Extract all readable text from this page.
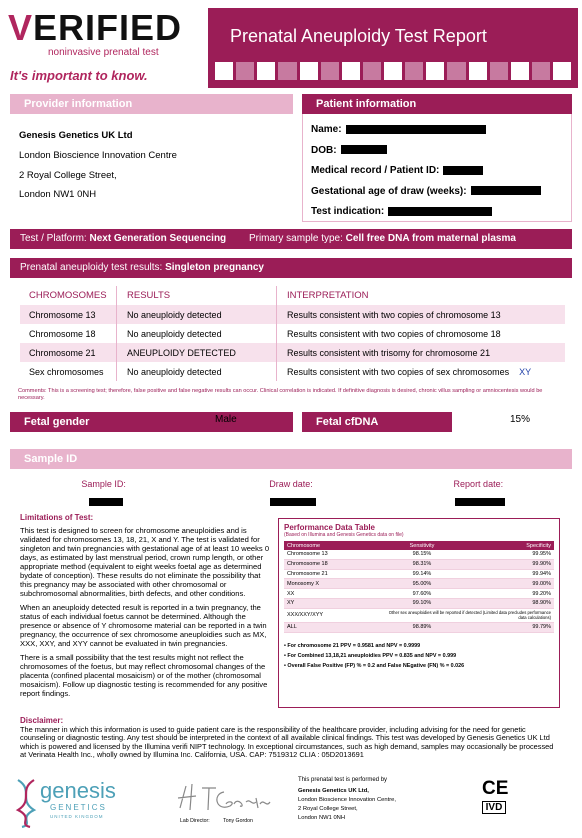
VERIFIED
noninvasive prenatal test
It's important to know.
Prenatal Aneuploidy Test Report
Provider information
Genesis Genetics UK Ltd
London Bioscience Innovation Centre
2 Royal College Street,
London NW1 0NH
Patient information
Name:
DOB:
Medical record / Patient ID:
Gestational age of draw (weeks):
Test indication:
Test / Platform: Next Generation Sequencing Primary sample type: Cell free DNA from maternal plasma
Prenatal aneuploidy test results: Singleton pregnancy
CHROMOSOMES	RESULTS	INTERPRETATION
Chromosome 13	No aneuploidy detected	Results consistent with two copies of chromosome 13
Chromosome 18	No aneuploidy detected	Results consistent with two copies of chromosome 18
Chromosome 21	ANEUPLOIDY DETECTED	Results consistent with trisomy for chromosome 21
Sex chromosomes	No aneuploidy detected	Results consistent with two copies of sex chromosomes XY
Comments: This is a screening test; therefore, false positive and false negative results can occur. Clinical correlation is indicated. If definitive diagnosis is desired, chronic villus sampling or amniocentesis would be necessary.
Fetal gender	Male	Fetal cfDNA	15%
Sample ID
Sample ID:	Draw date:	Report date:
Limitations of Test:

This test is designed to screen for chromosome aneuploidies and is validated for chromosomes 13, 18, 21, X and Y. The test is validated for singleton and twin pregnancies with gestational age of at least 10 weeks 0 days, as estimated by last menstrual period, crown rump length, or other appropriate method (equivalent to eight weeks foetal age as determined bydate of conception). These results do not eliminate the possibility that this pregnancy may be associated with other chromosomal or subchromosomal abnormalities, birth defects, and other conditions.

When an aneuploidy detected result is reported in a twin pregnancy, the status of each individual foetus cannot be determined. Although the presence or absence of Y chromosome material can be reported in a twin pregnancy, the occurrence of sex chromosome aneuploidies such as MX, XXX, XXY, and XYY cannot be evaluated in twin pregnancies.

There is a small possibility that the test results might not reflect the chromosomes of the foetus, but may reflect chromosomal changes of the placenta (confined placental mosaicism) or of the mother (chromosomal mosaicism). Follow up diagnostic testing is recommended for any positive report findings.

Performance Data Table
(Based on Illumina and Genesis Genetics data on file)
Chromosome	Sensitivity	Specificity
Chromosome 13	98.15%	99.95%
Chromosome 18	98.31%	99.90%
Chromosome 21	99.14%	99.94%
Monosomy X	95.00%	99.00%
XX	97.60%	99.20%
XY	99.10%	98.90%
XXX/XXY/XYY	Other sex aneuploidies will be reported if detected (Limited data precludes performance data calculations)
ALL	98.89%	99.79%
• For chromosome 21 PPV = 0.9581 and NPV = 0.9999
• For Combined 13,18,21 aneuploidies PPV = 0.835 and NPV = 0.999
• Overall False Positive (FP) % = 0.2 and False NEgative (FN) % = 0.026
Disclaimer:
The manner in which this information is used to guide patient care is the responsibility of the healthcare provider, including advising for the need for genetic counseling or diagnostic testing. Any test should be interpreted in the context of all available clinical findings. This test was developed by Genesis Genetics UK Ltd which is powered and licensed by the Illumina verifi NIPT technology. In exceptional circumstances, such as high demand, samples may occasionally be processed at Verinata Health Inc., wholly owned by Illumina Inc. California, USA. CAP: 7519312 CLIA : 05D2013691
genesis
GENETICS
UNITED KINGDOM
Lab Director:	Tony Gordon
This prenatal test is performed by
Genesis Genetics UK Ltd,
London Bioscience Innovation Centre,
2 Royal College Street,
London NW1 0NH
CE
IVD
